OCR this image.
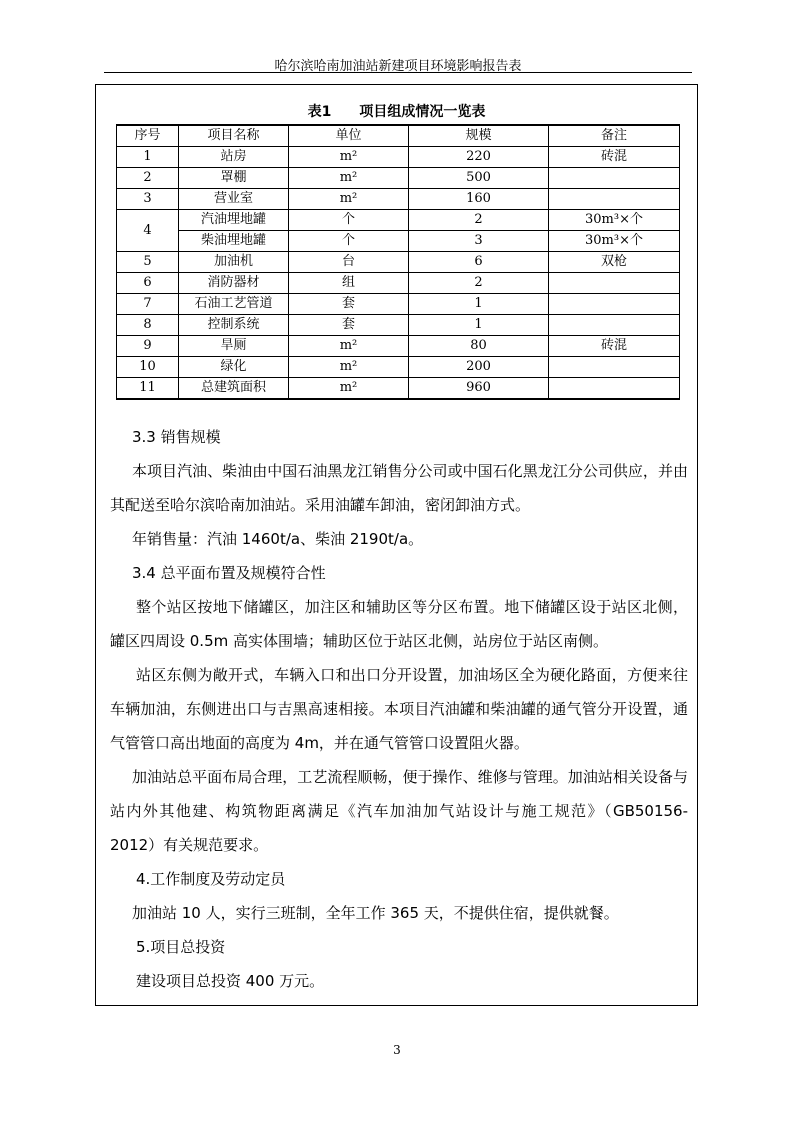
哈尔滨哈南加油站新建项目环境影响报告表
表1　　项目组成情况一览表
序号	项目名称	单位	规模	备注
1	站房	m²	220	砖混
2	罩棚	m²	500	
3	营业室	m²	160	
4	汽油埋地罐	个	2	30m³×个
	柴油埋地罐	个	3	30m³×个
5	加油机	台	6	双枪
6	消防器材	组	2	
7	石油工艺管道	套	1	
8	控制系统	套	1	
9	旱厕	m²	80	砖混
10	绿化	m²	200	
11	总建筑面积	m²	960	

3.3 销售规模

本项目汽油、柴油由中国石油黑龙江销售分公司或中国石化黑龙江分公司供应，并由其配送至哈尔滨哈南加油站。采用油罐车卸油，密闭卸油方式。

年销售量：汽油 1460t/a、柴油 2190t/a。

3.4 总平面布置及规模符合性

整个站区按地下储罐区，加注区和辅助区等分区布置。地下储罐区设于站区北侧，罐区四周设 0.5m 高实体围墙；辅助区位于站区北侧，站房位于站区南侧。

站区东侧为敞开式，车辆入口和出口分开设置，加油场区全为硬化路面，方便来往车辆加油，东侧进出口与吉黑高速相接。本项目汽油罐和柴油罐的通气管分开设置，通气管管口高出地面的高度为 4m，并在通气管管口设置阻火器。

加油站总平面布局合理，工艺流程顺畅，便于操作、维修与管理。加油站相关设备与站内外其他建、构筑物距离满足《汽车加油加气站设计与施工规范》（GB50156-2012）有关规范要求。

4.工作制度及劳动定员

加油站 10 人，实行三班制，全年工作 365 天，不提供住宿，提供就餐。

5.项目总投资

建设项目总投资 400 万元。

3
